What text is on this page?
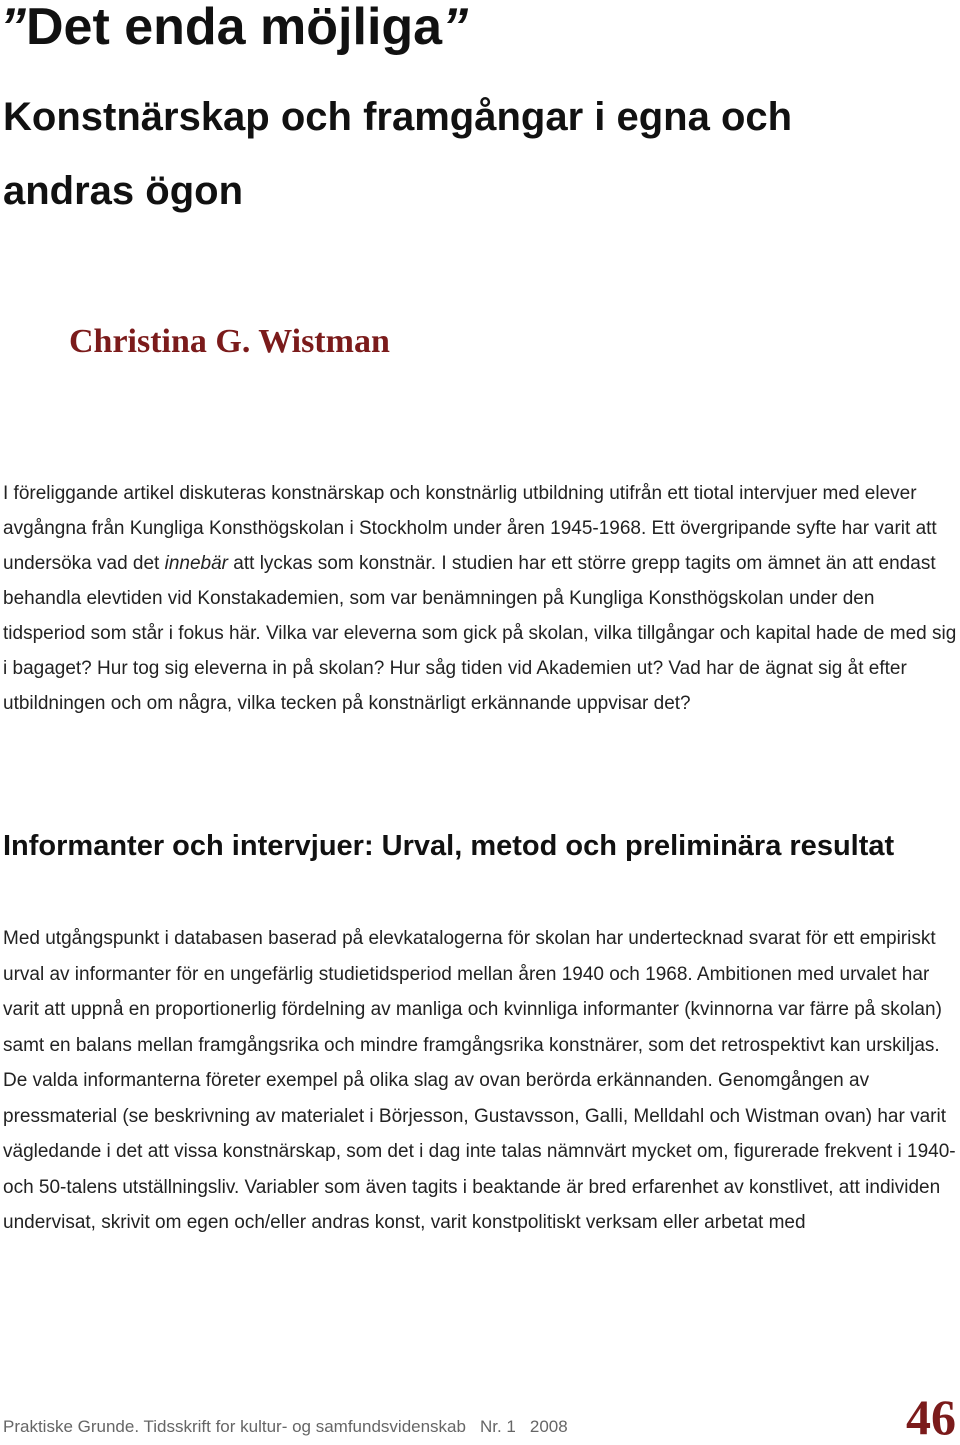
”Det enda möjliga”
Konstnärskap och framgångar i egna och andras ögon

Christina G. Wistman

I föreliggande artikel diskuteras konstnärskap och konstnärlig utbildning utifrån ett tiotal intervjuer med elever avgångna från Kungliga Konsthögskolan i Stockholm under åren 1945-1968. Ett övergripande syfte har varit att undersöka vad det innebär att lyckas som konstnär. I studien har ett större grepp tagits om ämnet än att endast behandla elevtiden vid Konstakademien, som var benämningen på Kungliga Konsthögskolan under den tidsperiod som står i fokus här. Vilka var eleverna som gick på skolan, vilka tillgångar och kapital hade de med sig i bagaget? Hur tog sig eleverna in på skolan? Hur såg tiden vid Akademien ut? Vad har de ägnat sig åt efter utbildningen och om några, vilka tecken på konstnärligt erkännande uppvisar det?

Informanter och intervjuer: Urval, metod och preliminära resultat

Med utgångspunkt i databasen baserad på elevkatalogerna för skolan har undertecknad svarat för ett empiriskt urval av informanter för en ungefärlig studietidsperiod mellan åren 1940 och 1968. Ambitionen med urvalet har varit att uppnå en proportionerlig fördelning av manliga och kvinnliga informanter (kvinnorna var färre på skolan) samt en balans mellan framgångsrika och mindre framgångsrika konstnärer, som det retrospektivt kan urskiljas. De valda informanterna företer exempel på olika slag av ovan berörda erkännanden. Genomgången av pressmaterial (se beskrivning av materialet i Börjesson, Gustavsson, Galli, Melldahl och Wistman ovan) har varit vägledande i det att vissa konstnärskap, som det i dag inte talas nämnvärt mycket om, figurerade frekvent i 1940- och 50-talens utställningsliv. Variabler som även tagits i beaktande är bred erfarenhet av konstlivet, att individen undervisat, skrivit om egen och/eller andras konst, varit konstpolitiskt verksam eller arbetat med

Praktiske Grunde. Tidsskrift for kultur- og samfundsvidenskab Nr. 1 2008	46
